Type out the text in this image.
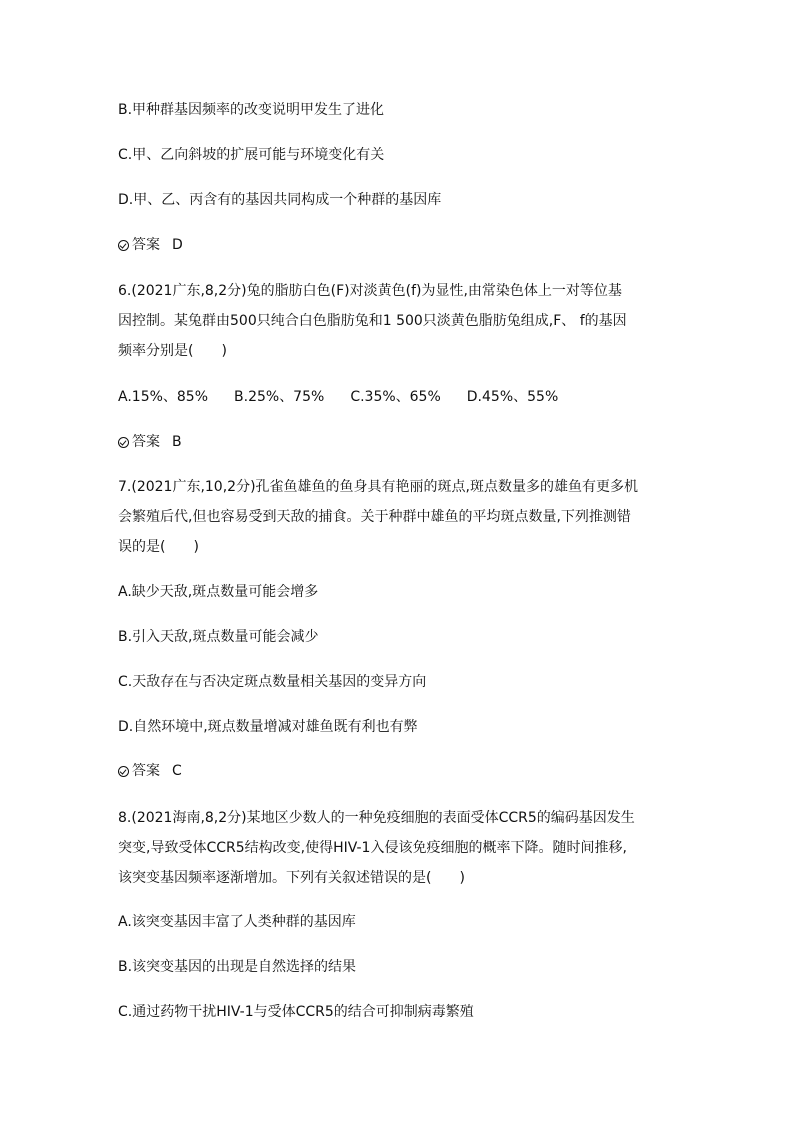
B.甲种群基因频率的改变说明甲发生了进化
C.甲、乙向斜坡的扩展可能与环境变化有关
D.甲、乙、丙含有的基因共同构成一个种群的基因库
答案 D
6.(2021广东,8,2分)兔的脂肪白色(F)对淡黄色(f)为显性,由常染色体上一对等位基
因控制。某兔群由500只纯合白色脂肪兔和1 500只淡黄色脂肪兔组成,F、 f的基因
频率分别是(　　)
A.15%、85% B.25%、75% C.35%、65% D.45%、55%
答案 B
7.(2021广东,10,2分)孔雀鱼雄鱼的鱼身具有艳丽的斑点,斑点数量多的雄鱼有更多机
会繁殖后代,但也容易受到天敌的捕食。关于种群中雄鱼的平均斑点数量,下列推测错
误的是(　　)
A.缺少天敌,斑点数量可能会增多
B.引入天敌,斑点数量可能会减少
C.天敌存在与否决定斑点数量相关基因的变异方向
D.自然环境中,斑点数量增减对雄鱼既有利也有弊
答案 C
8.(2021海南,8,2分)某地区少数人的一种免疫细胞的表面受体CCR5的编码基因发生
突变,导致受体CCR5结构改变,使得HIV-1入侵该免疫细胞的概率下降。随时间推移,
该突变基因频率逐渐增加。下列有关叙述错误的是(　　)
A.该突变基因丰富了人类种群的基因库
B.该突变基因的出现是自然选择的结果
C.通过药物干扰HIV-1与受体CCR5的结合可抑制病毒繁殖
